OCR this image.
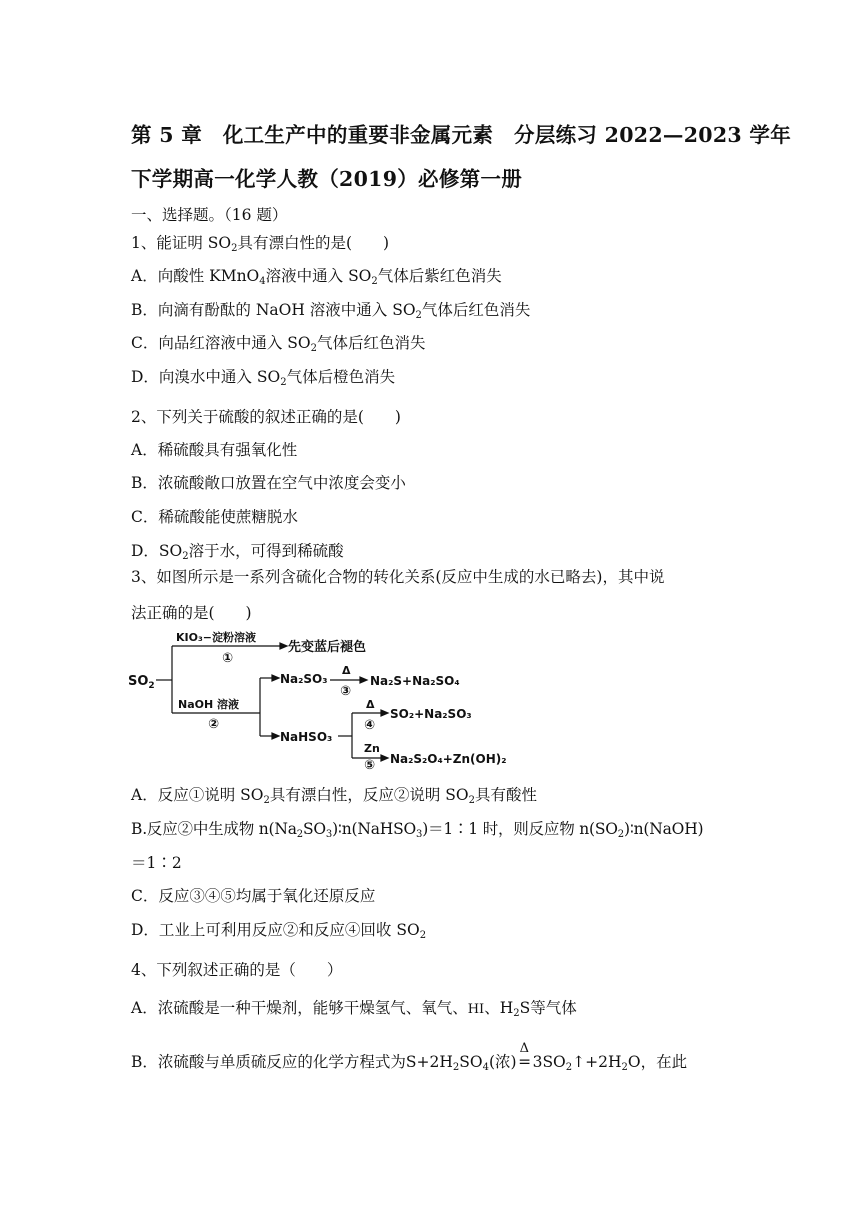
第 5 章　化工生产中的重要非金属元素　分层练习 2022—2023 学年
下学期高一化学人教（2019）必修第一册
一、选择题。（16 题）
1、能证明 $SO_2$具有漂白性的是(　　)
A．向酸性 KMnO$_4$溶液中通入 $SO_2$气体后紫红色消失
B．向滴有酚酞的 NaOH 溶液中通入 $SO_2$气体后红色消失
C．向品红溶液中通入 $SO_2$气体后红色消失
D．向溴水中通入 $SO_2$气体后橙色消失
2、下列关于硫酸的叙述正确的是(　　)
A．稀硫酸具有强氧化性
B．浓硫酸敞口放置在空气中浓度会变小
C．稀硫酸能使蔗糖脱水
D．$SO_2$溶于水，可得到稀硫酸
3、如图所示是一系列含硫化合物的转化关系(反应中生成的水已略去)，其中说
法正确的是(　　)
$SO_2$
KIO₃−淀粉溶液
①
先变蓝后褪色
NaOH 溶液
②
Na₂SO₃
Δ
③
Na₂S+Na₂SO₄
NaHSO₃
Δ
④
SO₂+Na₂SO₃
Zn
⑤ Na₂S₂O₄+Zn(OH)₂
A．反应①说明 $SO_2$具有漂白性，反应②说明 $SO_2$具有酸性
B.反应②中生成物 $n(Na_2SO_3)∶n(NaHSO_3)=1∶1$ 时，则反应物 $n(SO_2)∶n(NaOH)$
＝1∶2
C．反应③④⑤均属于氧化还原反应
D．工业上可利用反应②和反应④回收 $SO_2$
4、下列叙述正确的是（　　）
A．浓硫酸是一种干燥剂，能够干燥氢气、氧气、HI、$H_2S$等气体
B．浓硫酸与单质硫反应的化学方程式为$S+2H_2SO_4$(浓)
Δ
$=3SO_2↑+2H_2O$，在此
